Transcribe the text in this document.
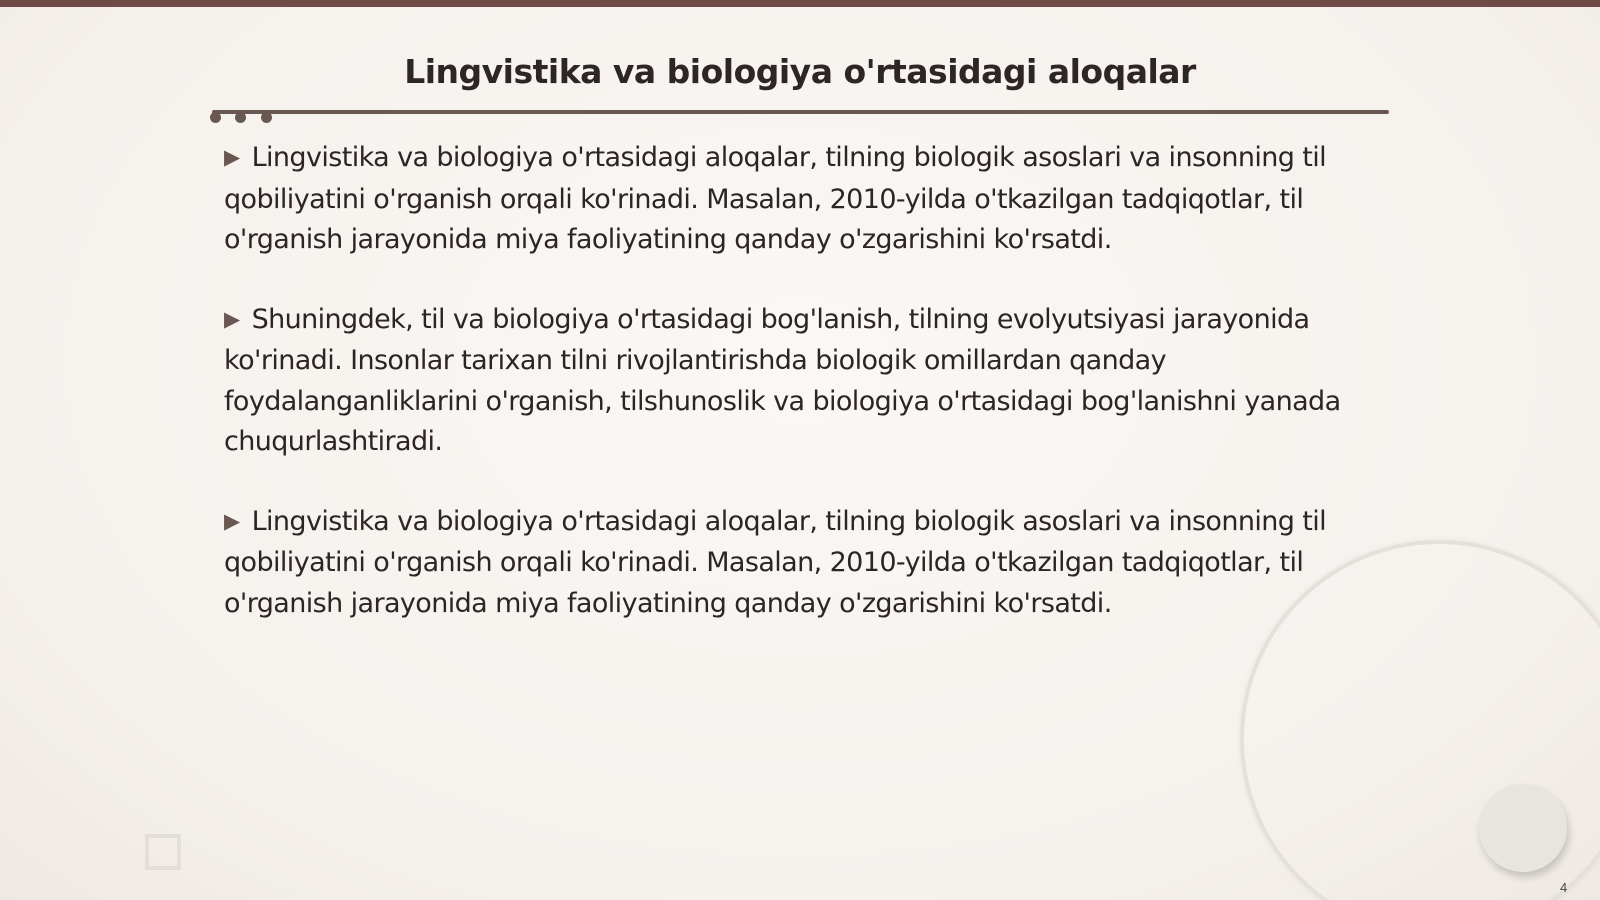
Lingvistika va biologiya o'rtasidagi aloqalar

▶ Lingvistika va biologiya o'rtasidagi aloqalar, tilning biologik asoslari va insonning til qobiliyatini o'rganish orqali ko'rinadi. Masalan, 2010-yilda o'tkazilgan tadqiqotlar, til o'rganish jarayonida miya faoliyatining qanday o'zgarishini ko'rsatdi.

▶ Shuningdek, til va biologiya o'rtasidagi bog'lanish, tilning evolyutsiyasi jarayonida ko'rinadi. Insonlar tarixan tilni rivojlantirishda biologik omillardan qanday foydalanganliklarini o'rganish, tilshunoslik va biologiya o'rtasidagi bog'lanishni yanada chuqurlashtiradi.

▶ Lingvistika va biologiya o'rtasidagi aloqalar, tilning biologik asoslari va insonning til qobiliyatini o'rganish orqali ko'rinadi. Masalan, 2010-yilda o'tkazilgan tadqiqotlar, til o'rganish jarayonida miya faoliyatining qanday o'zgarishini ko'rsatdi.

4
